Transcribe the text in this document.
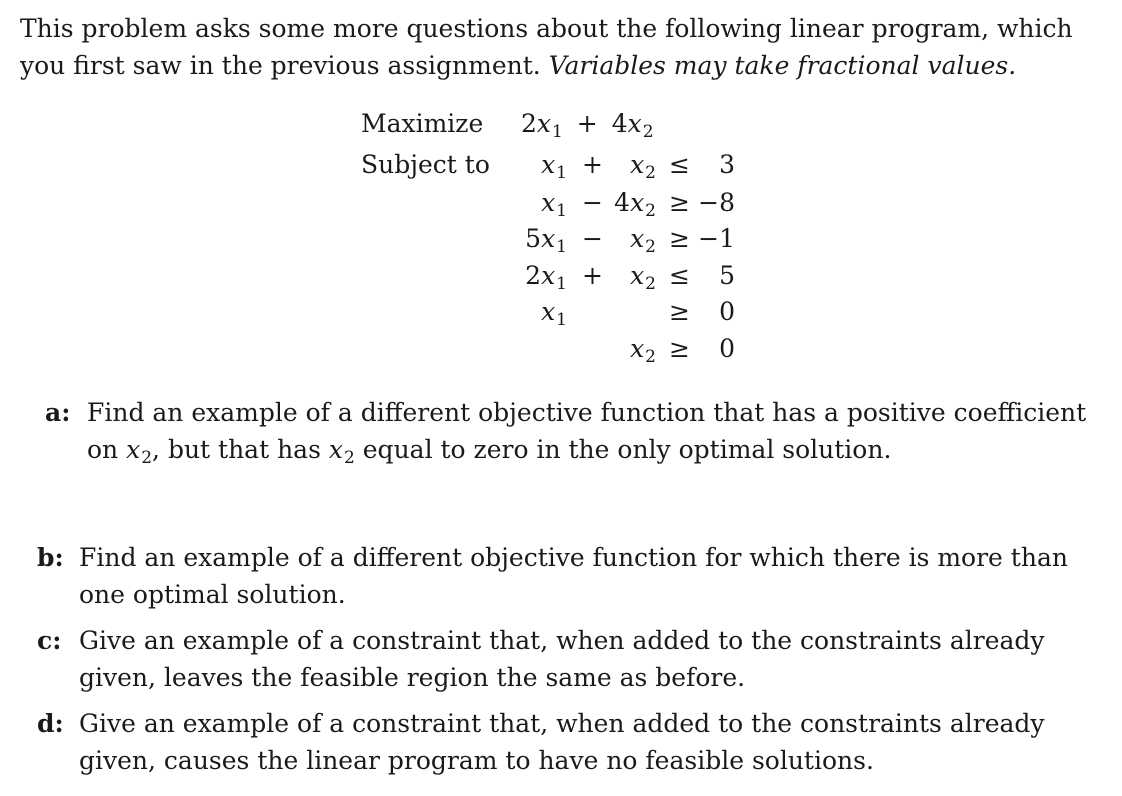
This problem asks some more questions about the following linear program, which you first saw in the previous assignment. Variables may take fractional values.
Maximize
Subject to
$2x_1 + 4x_2$
$x_1 + x_2 \le 3$
$x_1 - 4x_2 \ge -8$
$5x_1 - x_2 \ge -1$
$2x_1 + x_2 \le 5$
$x_1$	≥ 0
$x_2 \ge 0$
a: Find an example of a different objective function that has a positive coefficient on $x_2$, but that has $x_2$ equal to zero in the only optimal solution.
b: Find an example of a different objective function for which there is more than one optimal solution.
c: Give an example of a constraint that, when added to the constraints already given, leaves the feasible region the same as before.
d: Give an example of a constraint that, when added to the constraints already given, causes the linear program to have no feasible solutions.
